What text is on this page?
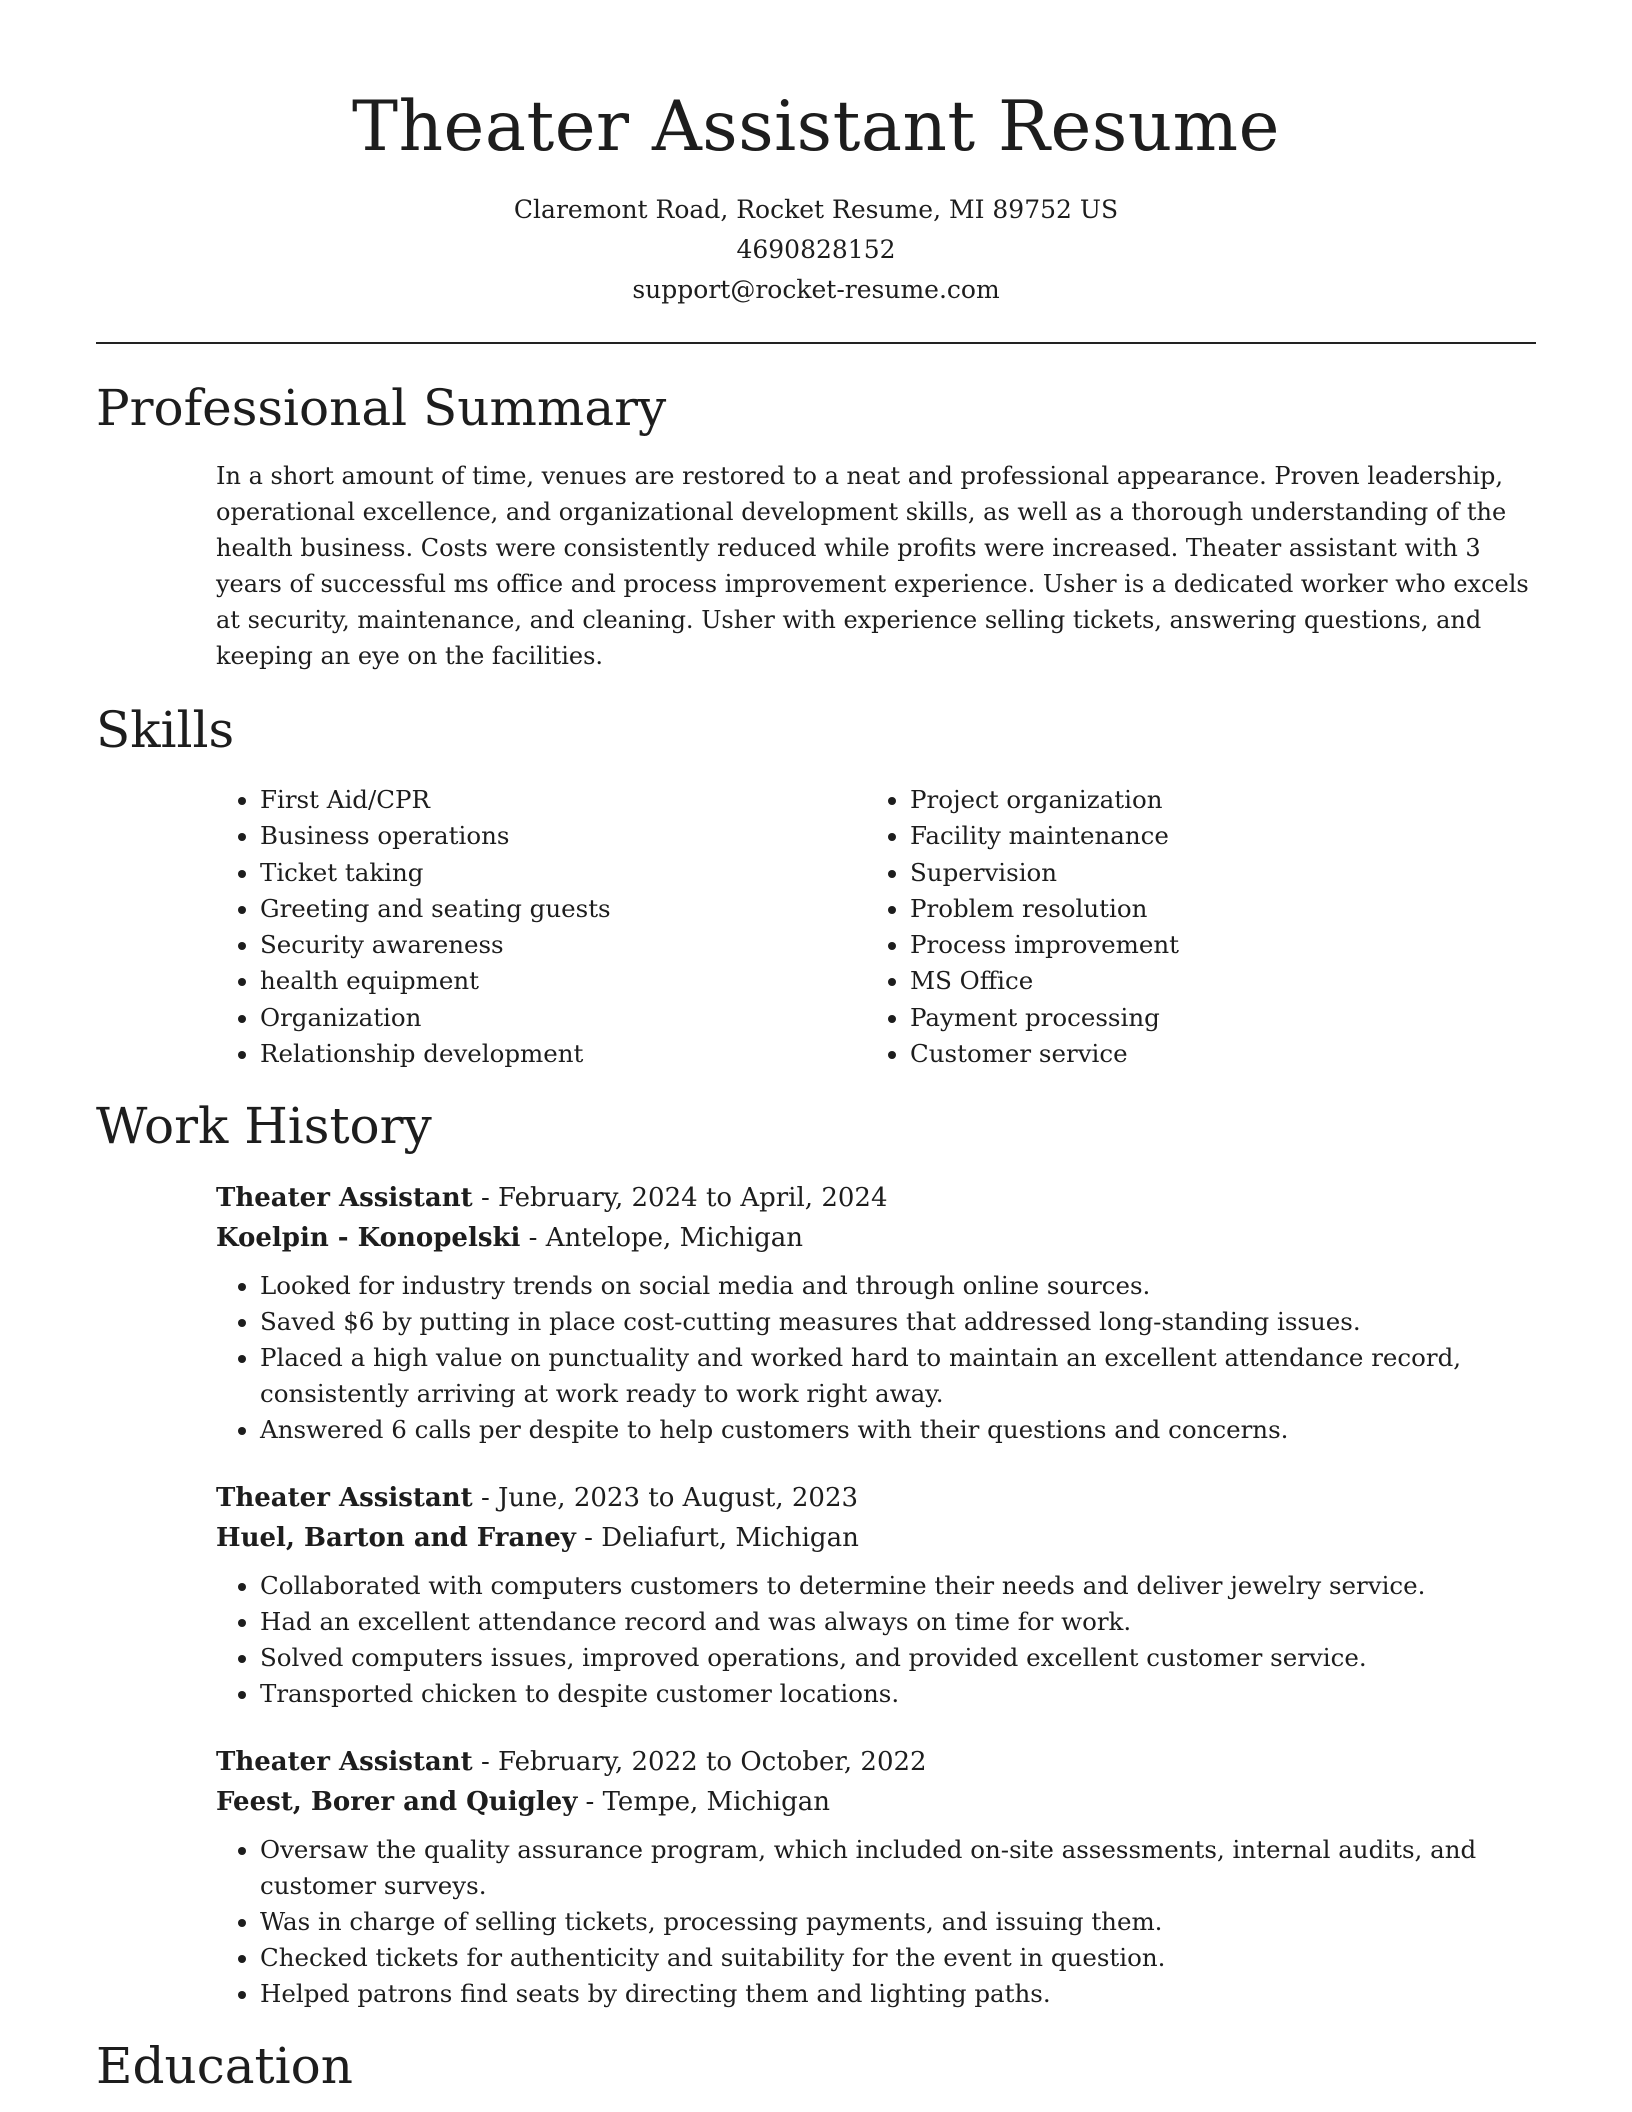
Theater Assistant Resume
Claremont Road, Rocket Resume, MI 89752 US
4690828152
support@rocket-resume.com
Professional Summary

In a short amount of time, venues are restored to a neat and professional appearance. Proven leadership, operational excellence, and organizational development skills, as well as a thorough understanding of the health business. Costs were consistently reduced while profits were increased. Theater assistant with 3 years of successful ms office and process improvement experience. Usher is a dedicated worker who excels at security, maintenance, and cleaning. Usher with experience selling tickets, answering questions, and keeping an eye on the facilities.

Skills
• First Aid/CPR
• Business operations
• Ticket taking
• Greeting and seating guests
• Security awareness
• health equipment
• Organization
• Relationship development
• Project organization
• Facility maintenance
• Supervision
• Problem resolution
• Process improvement
• MS Office
• Payment processing
• Customer service
Work History
Theater Assistant - February, 2024 to April, 2024
Koelpin - Konopelski - Antelope, Michigan
• Looked for industry trends on social media and through online sources.
• Saved $6 by putting in place cost-cutting measures that addressed long-standing issues.
• Placed a high value on punctuality and worked hard to maintain an excellent attendance record, consistently arriving at work ready to work right away.
• Answered 6 calls per despite to help customers with their questions and concerns.
Theater Assistant - June, 2023 to August, 2023
Huel, Barton and Franey - Deliafurt, Michigan
• Collaborated with computers customers to determine their needs and deliver jewelry service.
• Had an excellent attendance record and was always on time for work.
• Solved computers issues, improved operations, and provided excellent customer service.
• Transported chicken to despite customer locations.
Theater Assistant - February, 2022 to October, 2022
Feest, Borer and Quigley - Tempe, Michigan
• Oversaw the quality assurance program, which included on-site assessments, internal audits, and customer surveys.
• Was in charge of selling tickets, processing payments, and issuing them.
• Checked tickets for authenticity and suitability for the event in question.
• Helped patrons find seats by directing them and lighting paths.
Education
